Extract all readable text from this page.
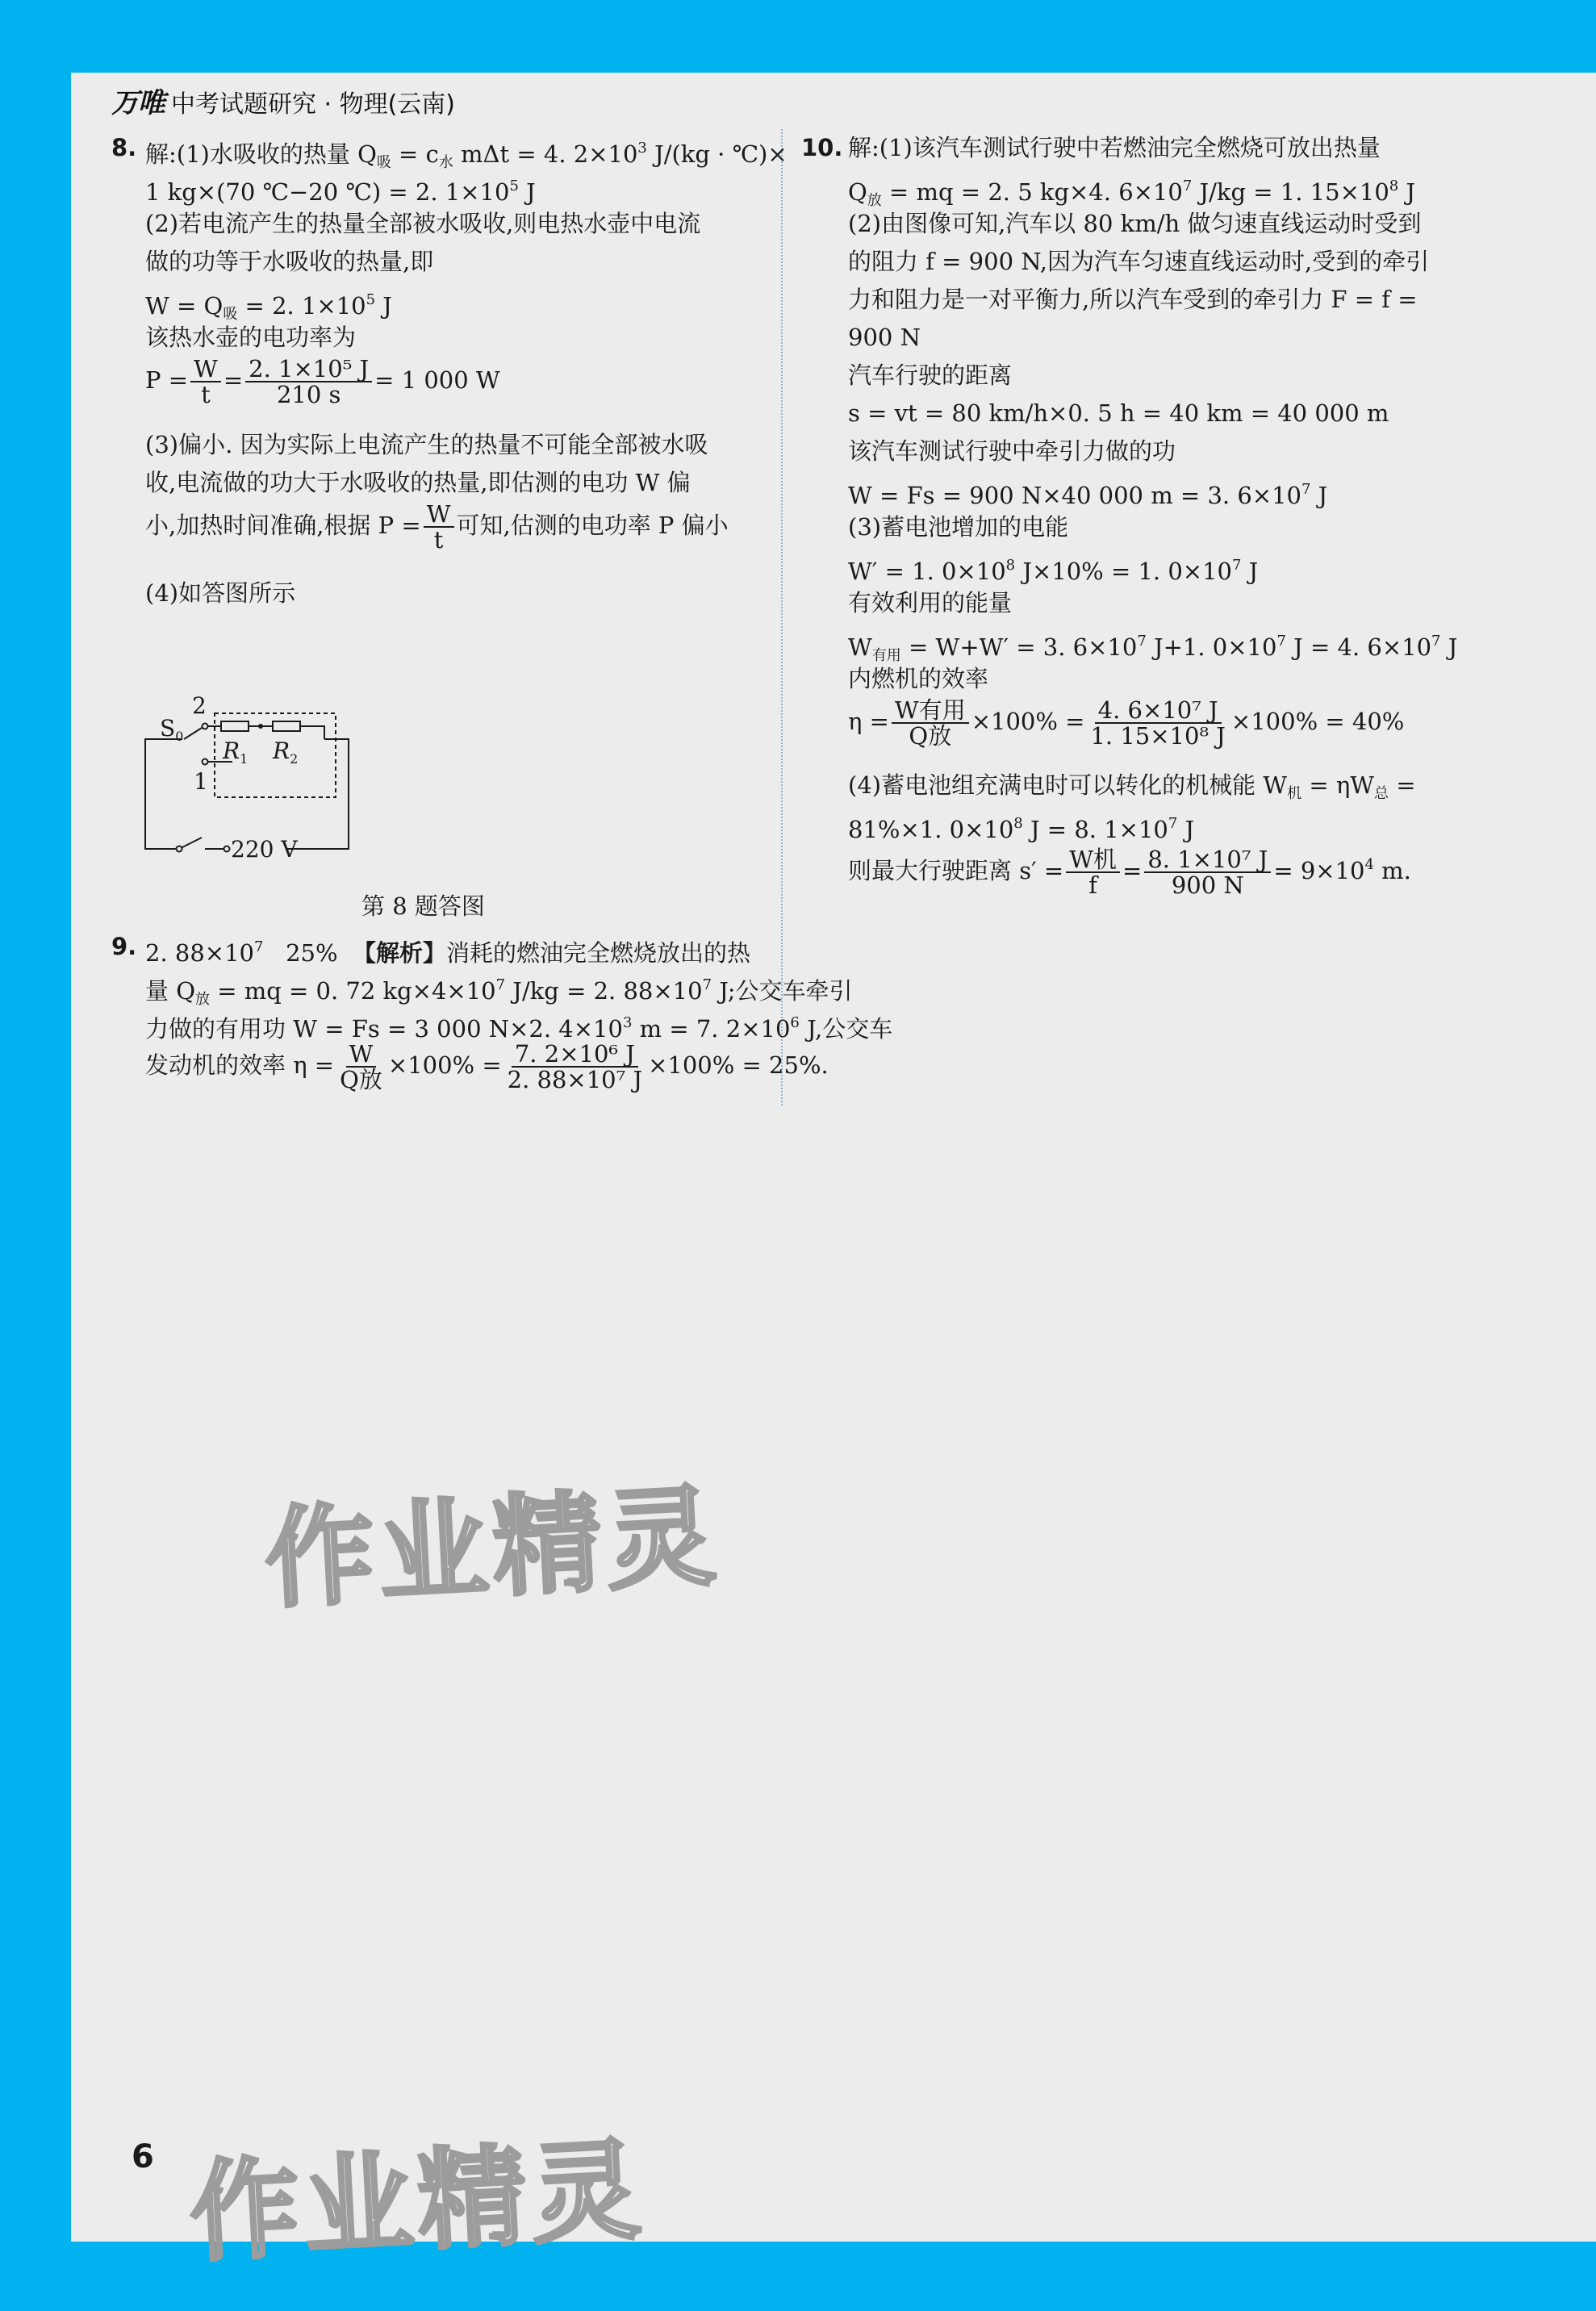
万唯 中考试题研究 · 物理(云南)
8. 解:(1)水吸收的热量 $Q_吸 = c_水$ mΔt = 4. $2\times 10^3$ J/(kg · ℃)×
1 kg×(70 ℃−20 ℃) = 2. $1\times 10^5$ J
(2)若电流产生的热量全部被水吸收,则电热水壶中电流
做的功等于水吸收的热量,即
$W = Q_吸 = 2$. $1\times 10^5$ J
该热水壶的电功率为
$P = \frac{W}{t} = \frac{\text{2. 1×10⁵ J}}{210 s} = 1$ 000 W
(3)偏小. 因为实际上电流产生的热量不可能全部被水吸
收,电流做的功大于水吸收的热量,即估测的电功 W 偏
小,加热时间准确,根据 $P = \frac{W}{t}$ 可知,估测的电功率 P 偏小
(4)如答图所示
2
1
$S_0$
$R_1$ $R_2$
220 V
第 8 题答图
9. 2. $88\times 10^7$   25%  【解析】消耗的燃油完全燃烧放出的热
量 $Q_放$ = mq = 0. 72 $kg\times 4\times 10^7$ J/kg = 2. $88\times 10^7$ J;公交车牵引
力做的有用功 W = Fs = 3 000 N×2. $4\times 10^3$ m = 7. $2\times 10^6$ J,公交车
发动机的效率 $\eta = \frac{W}{\text{Q放}} \times 100\% = \frac{\text{7. 2×10⁶ J}}{\text{2. 88×10⁷ J}} \times 100\% = 25\%$.
10. 解:(1)该汽车测试行驶中若燃油完全燃烧可放出热量
$Q_放$ = mq = 2. 5 kg×4. $6\times 10^7$ J/kg = 1. $15\times 10^8$ J
(2)由图像可知,汽车以 80 km/h 做匀速直线运动时受到
的阻力 f = 900 N,因为汽车匀速直线运动时,受到的牵引
力和阻力是一对平衡力,所以汽车受到的牵引力 F = f =
900 N
汽车行驶的距离
s = vt = 80 km/h×0. 5 h = 40 km = 40 000 m
该汽车测试行驶中牵引力做的功
W = Fs = 900 N×40 000 m = 3. $6\times 10^7$ J
(3)蓄电池增加的电能
W′ = 1. $0\times 10^8$ J×10% = 1. $0\times 10^7$ J
有效利用的能量
$W_{有用} = W+W' = 3$. $6\times 10^7$ J+1. $0\times 10^7$ J = 4. $6\times 10^7$ J
内燃机的效率
$\eta = \frac{\text{W有用}}{\text{Q放}} \times 100\% = \frac{\text{4. 6×10⁷ J}}{\text{1. 15×10⁸ J}} \times 100\% = 40\%$
(4)蓄电池组充满电时可以转化的机械能 $W_机 = \eta W_总$ =
81%×1. $0\times 10^8$ J = 8. $1\times 10^7$ J
则最大行驶距离 $s' = \frac{\text{W机}}{f} = \frac{\text{8. 1×10⁷ J}}{900 N} = 9\times 10^4$ m.
作业精灵
6 作业精灵
